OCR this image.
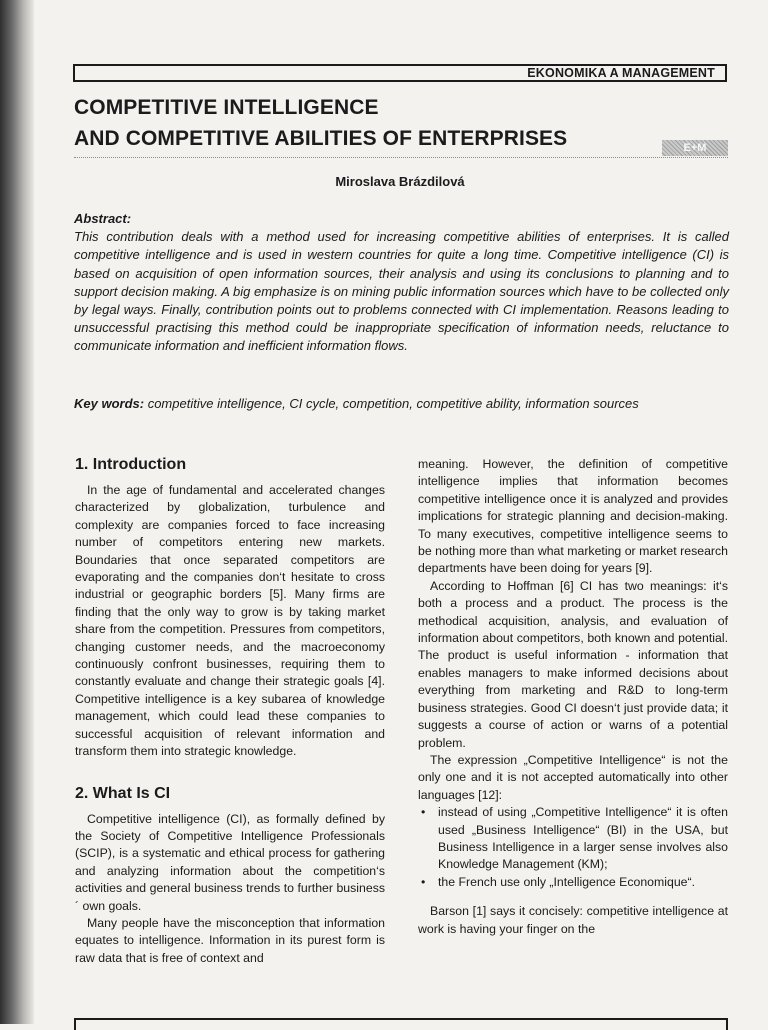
EKONOMIKA A MANAGEMENT
COMPETITIVE INTELLIGENCE
AND COMPETITIVE ABILITIES OF ENTERPRISES	E+M
Miroslava Brázdilová
Abstract:
This contribution deals with a method used for increasing competitive abilities of enterprises. It is called competitive intelligence and is used in western countries for quite a long time. Competitive intelligence (CI) is based on acquisition of open information sources, their analysis and using its conclusions to planning and to support decision making. A big emphasize is on mining public information sources which have to be collected only by legal ways. Finally, contribution points out to problems connected with CI implementation. Reasons leading to unsuccessful practising this method could be inappropriate specification of information needs, reluctance to communicate information and inefficient information flows.
Key words: competitive intelligence, CI cycle, competition, competitive ability, information sources
1. Introduction

In the age of fundamental and accelerated changes characterized by globalization, turbulence and complexity are companies forced to face increasing number of competitors entering new markets. Boundaries that once separated competitors are evaporating and the companies don‘t hesitate to cross industrial or geographic borders [5]. Many firms are finding that the only way to grow is by taking market share from the competition. Pressures from competitors, changing customer needs, and the macroeconomy continuously confront businesses, requiring them to constantly evaluate and change their strategic goals [4]. Competitive intelligence is a key subarea of knowledge management, which could lead these companies to successful acquisition of relevant information and transform them into strategic knowledge.

2. What Is CI

Competitive intelligence (CI), as formally defined by the Society of Competitive Intelligence Professionals (SCIP), is a systematic and ethical process for gathering and analyzing information about the competition‘s activities and general business trends to further business´ own goals.

Many people have the misconception that information equates to intelligence. Information in its purest form is raw data that is free of context and

meaning. However, the definition of competitive intelligence implies that information becomes competitive intelligence once it is analyzed and provides implications for strategic planning and decision-making. To many executives, competitive intelligence seems to be nothing more than what marketing or market research departments have been doing for years [9].

According to Hoffman [6] CI has two meanings: it‘s both a process and a product. The process is the methodical acquisition, analysis, and evaluation of information about competitors, both known and potential. The product is useful information - information that enables managers to make informed decisions about everything from marketing and R&D to long-term business strategies. Good CI doesn‘t just provide data; it suggests a course of action or warns of a potential problem.

The expression „Competitive Intelligence“ is not the only one and it is not accepted automatically into other languages [12]:

• instead of using „Competitive Intelligence“ it is often used „Business Intelligence“ (BI) in the USA, but Business Intelligence in a larger sense involves also Knowledge Management (KM);
• the French use only „Intelligence Economique“.

Barson [1] says it concisely: competitive intelligence at work is having your finger on the
